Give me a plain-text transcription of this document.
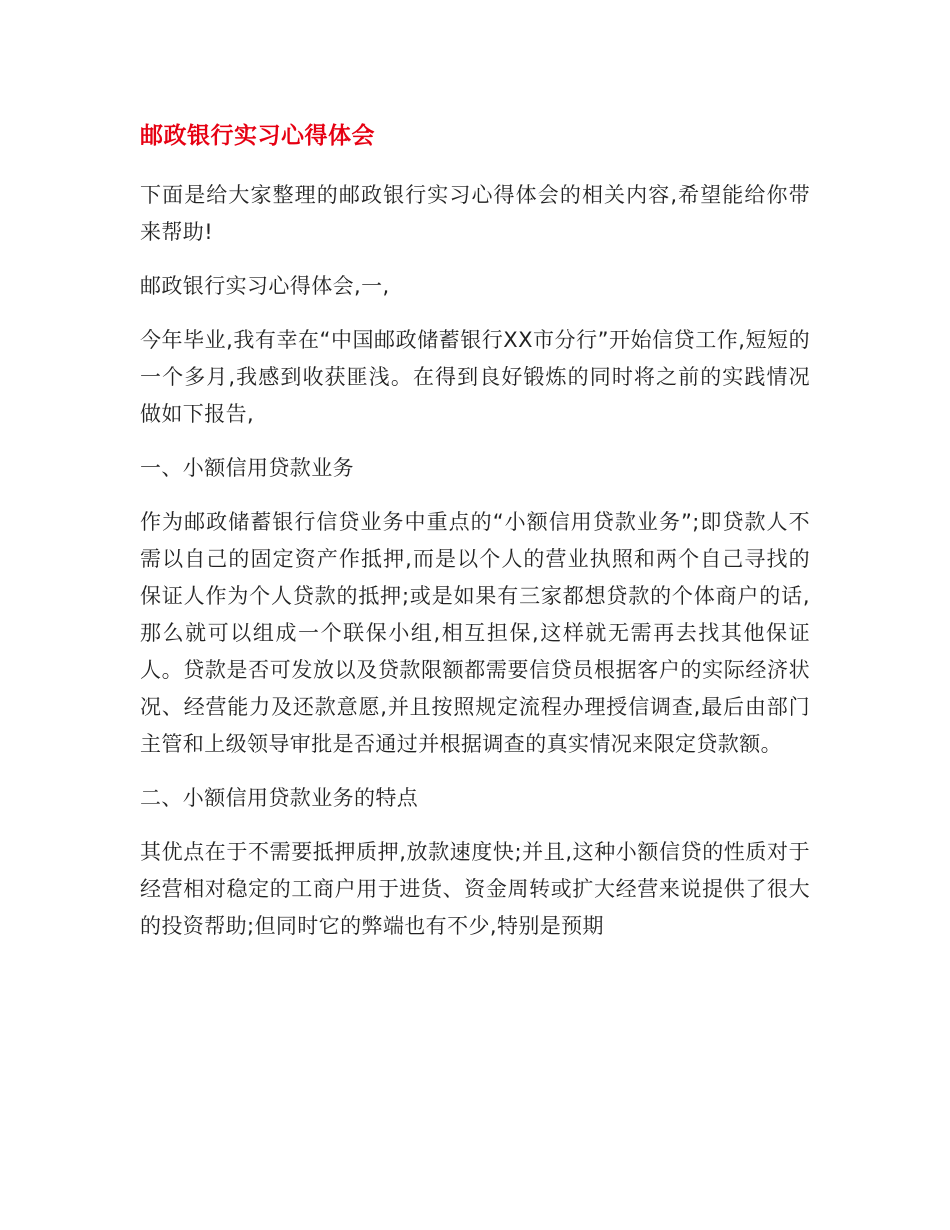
邮政银行实习心得体会

下面是给大家整理的邮政银行实习心得体会的相关内容,希望能给你带来帮助!

邮政银行实习心得体会,一,

今年毕业,我有幸在“中国邮政储蓄银行XX市分行”开始信贷工作,短短的一个多月,我感到收获匪浅。在得到良好锻炼的同时将之前的实践情况做如下报告,

一、小额信用贷款业务

作为邮政储蓄银行信贷业务中重点的“小额信用贷款业务”;即贷款人不需以自己的固定资产作抵押,而是以个人的营业执照和两个自己寻找的保证人作为个人贷款的抵押;或是如果有三家都想贷款的个体商户的话,那么就可以组成一个联保小组,相互担保,这样就无需再去找其他保证人。贷款是否可发放以及贷款限额都需要信贷员根据客户的实际经济状况、经营能力及还款意愿,并且按照规定流程办理授信调查,最后由部门主管和上级领导审批是否通过并根据调查的真实情况来限定贷款额。

二、小额信用贷款业务的特点

其优点在于不需要抵押质押,放款速度快;并且,这种小额信贷的性质对于经营相对稳定的工商户用于进货、资金周转或扩大经营来说提供了很大的投资帮助;但同时它的弊端也有不少,特别是预期
